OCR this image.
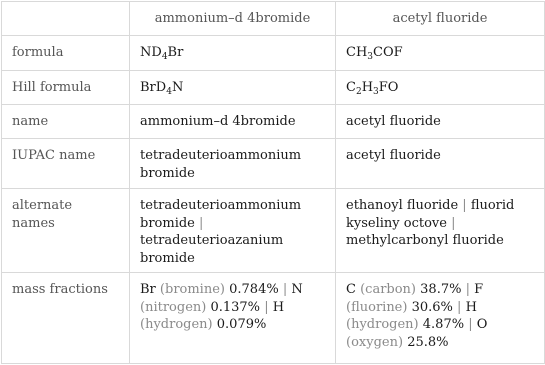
	ammonium–d 4bromide	acetyl fluoride
formula	$ND_4Br$	$CH_3COF$
Hill formula	BrD$_4$N	$C_2H_3FO$
name	ammonium–d 4bromide	acetyl fluoride
IUPAC name	tetradeuterioammonium bromide	acetyl fluoride
alternate names	tetradeuterioammonium bromide | tetradeuterioazanium bromide	ethanoyl fluoride | fluorid kyseliny octove | methylcarbonyl fluoride
mass fractions	Br (bromine) 0.784% | N (nitrogen) 0.137% | H (hydrogen) 0.079%	C (carbon) 38.7% | F (fluorine) 30.6% | H (hydrogen) 4.87% | O (oxygen) 25.8%
